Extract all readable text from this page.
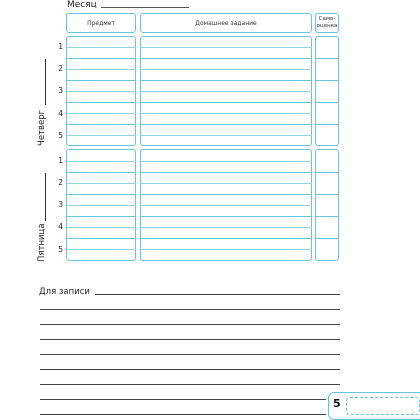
Месяц
Предмет	Домашнее задание
Само-
оценка
1
2
3
4
5
Четверг
1
2
3
4
5
Пятница
Для записи
5
